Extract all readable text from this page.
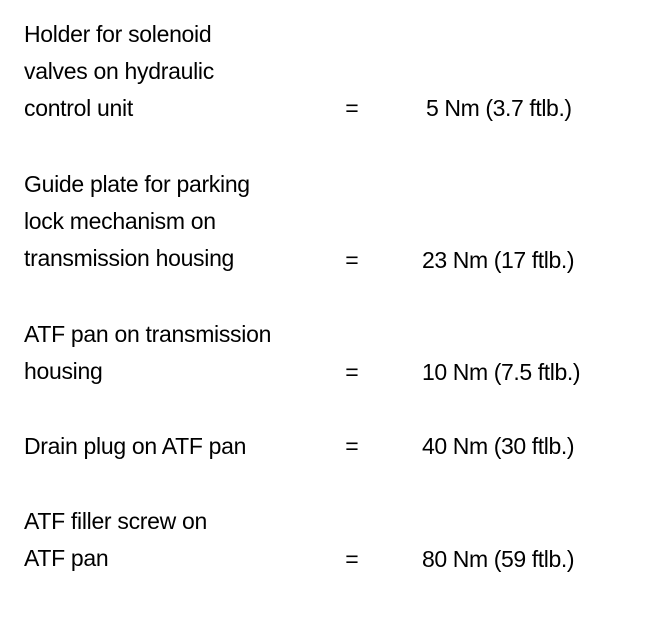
Holder for solenoid
valves on hydraulic
control unit	=	5 Nm (3.7 ftlb.)
Guide plate for parking
lock mechanism on
transmission housing	=	23 Nm (17 ftlb.)
ATF pan on transmission
housing	=	10 Nm (7.5 ftlb.)
Drain plug on ATF pan	=	40 Nm (30 ftlb.)
ATF filler screw on
ATF pan	=	80 Nm (59 ftlb.)
